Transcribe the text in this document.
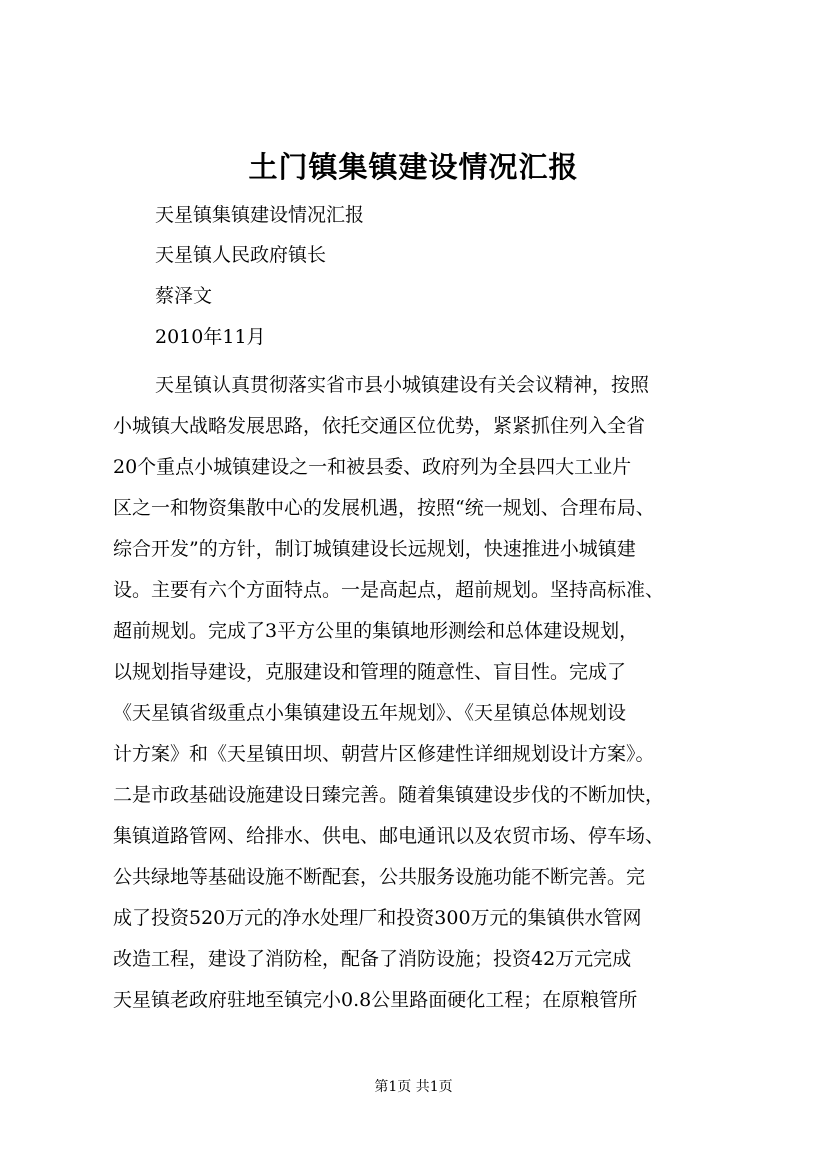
土门镇集镇建设情况汇报
天星镇集镇建设情况汇报
天星镇人民政府镇长
蔡泽文
2010年11月
天星镇认真贯彻落实省市县小城镇建设有关会议精神，按照
小城镇大战略发展思路，依托交通区位优势，紧紧抓住列入全省
20个重点小城镇建设之一和被县委、政府列为全县四大工业片
区之一和物资集散中心的发展机遇，按照“统一规划、合理布局、
综合开发”的方针，制订城镇建设长远规划，快速推进小城镇建
设。主要有六个方面特点。一是高起点，超前规划。坚持高标准、
超前规划。完成了3平方公里的集镇地形测绘和总体建设规划，
以规划指导建设，克服建设和管理的随意性、盲目性。完成了
《天星镇省级重点小集镇建设五年规划》、《天星镇总体规划设
计方案》和《天星镇田坝、朝营片区修建性详细规划设计方案》。
二是市政基础设施建设日臻完善。随着集镇建设步伐的不断加快，
集镇道路管网、给排水、供电、邮电通讯以及农贸市场、停车场、
公共绿地等基础设施不断配套，公共服务设施功能不断完善。完
成了投资520万元的净水处理厂和投资300万元的集镇供水管网
改造工程，建设了消防栓，配备了消防设施；投资42万元完成
天星镇老政府驻地至镇完小0.8公里路面硬化工程；在原粮管所
第1页 共1页
